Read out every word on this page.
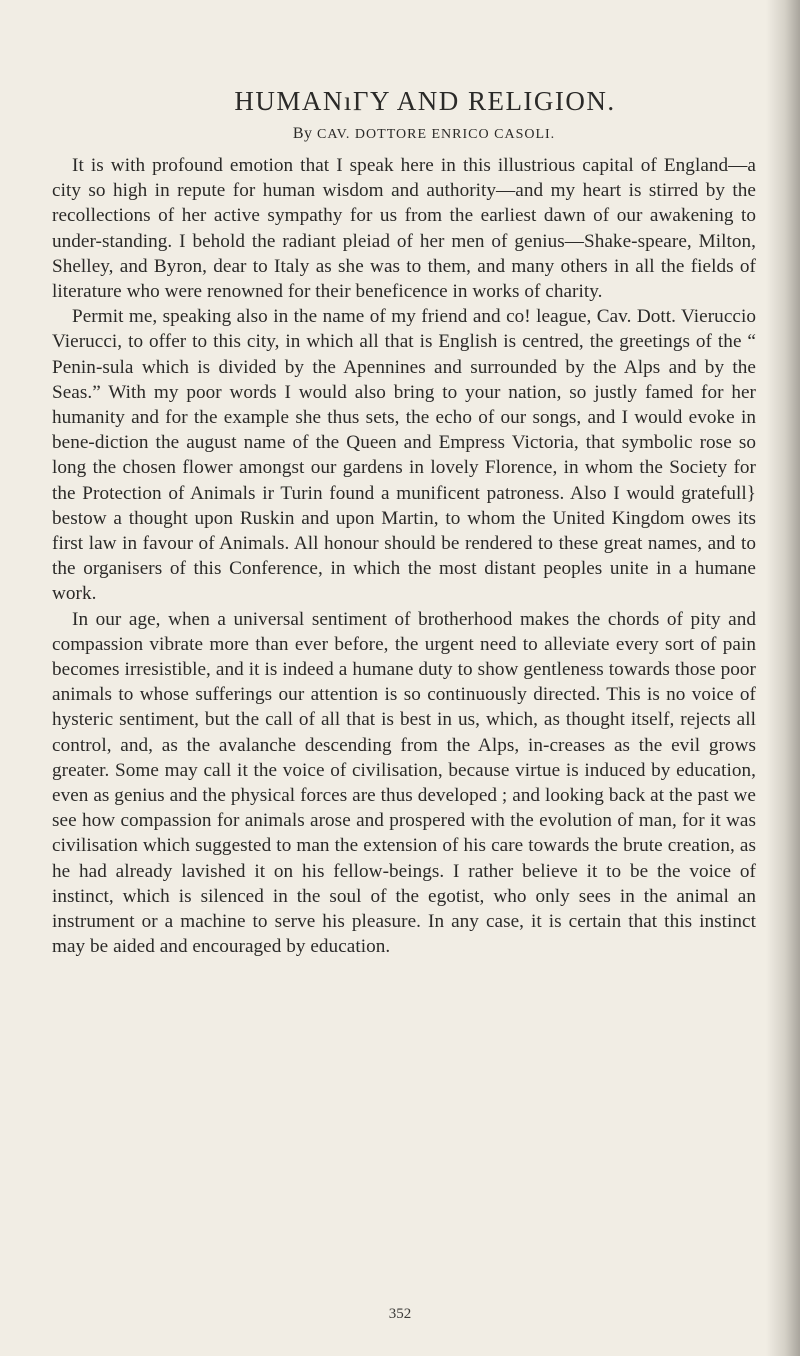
HUMANıΓY AND RELIGION.
By CAV. DOTTORE ENRICO CASOLI.

It is with profound emotion that I speak here in this illustrious capital of England—a city so high in repute for human wisdom and authority—and my heart is stirred by the recollections of her active sympathy for us from the earliest dawn of our awakening to under-standing. I behold the radiant pleiad of her men of genius—Shake-speare, Milton, Shelley, and Byron, dear to Italy as she was to them, and many others in all the fields of literature who were renowned for their beneficence in works of charity.

Permit me, speaking also in the name of my friend and co! league, Cav. Dott. Vieruccio Vierucci, to offer to this city, in which all that is English is centred, the greetings of the “ Penin-sula which is divided by the Apennines and surrounded by the Alps and by the Seas.” With my poor words I would also bring to your nation, so justly famed for her humanity and for the example she thus sets, the echo of our songs, and I would evoke in bene-diction the august name of the Queen and Empress Victoria, that symbolic rose so long the chosen flower amongst our gardens in lovely Florence, in whom the Society for the Protection of Animals ir Turin found a munificent patroness. Also I would gratefull} bestow a thought upon Ruskin and upon Martin, to whom the United Kingdom owes its first law in favour of Animals. All honour should be rendered to these great names, and to the organisers of this Conference, in which the most distant peoples unite in a humane work.

In our age, when a universal sentiment of brotherhood makes the chords of pity and compassion vibrate more than ever before, the urgent need to alleviate every sort of pain becomes irresistible, and it is indeed a humane duty to show gentleness towards those poor animals to whose sufferings our attention is so continuously directed. This is no voice of hysteric sentiment, but the call of all that is best in us, which, as thought itself, rejects all control, and, as the avalanche descending from the Alps, in-creases as the evil grows greater. Some may call it the voice of civilisation, because virtue is induced by education, even as genius and the physical forces are thus developed ; and looking back at the past we see how compassion for animals arose and prospered with the evolution of man, for it was civilisation which suggested to man the extension of his care towards the brute creation, as he had already lavished it on his fellow-beings. I rather believe it to be the voice of instinct, which is silenced in the soul of the egotist, who only sees in the animal an instrument or a machine to serve his pleasure. In any case, it is certain that this instinct may be aided and encouraged by education.

352
